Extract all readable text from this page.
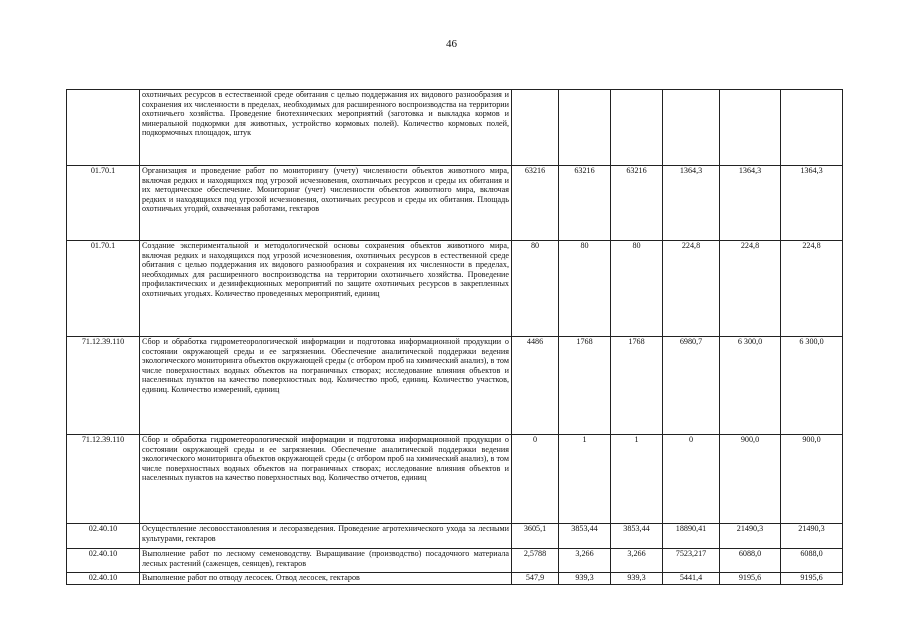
46
	охотничьих ресурсов в естественной среде обитания с целью поддержания их видового разнообразия и сохранения их численности в пределах, необходимых для расширенного воспроизводства на территории охотничьего хозяйства. Проведение биотехнических мероприятий (заготовка и выкладка кормов и минеральной подкормки для животных, устройство кормовых полей). Количество кормовых полей, подкормочных площадок, штук						
01.70.1	Организация и проведение работ по мониторингу (учету) численности объектов животного мира, включая редких и находящихся под угрозой исчезновения, охотничьих ресурсов и среды их обитания и их методическое обеспечение. Мониторинг (учет) численности объектов животного мира, включая редких и находящихся под угрозой исчезновения, охотничьих ресурсов и среды их обитания. Площадь охотничьих угодий, охваченная работами, гектаров	63216	63216	63216	1364,3	1364,3	1364,3
01.70.1	Создание экспериментальной и методологической основы сохранения объектов животного мира, включая редких и находящихся под угрозой исчезновения, охотничьих ресурсов в естественной среде обитания с целью поддержания их видового разнообразия и сохранения их численности в пределах, необходимых для расширенного воспроизводства на территории охотничьего хозяйства. Проведение профилактических и дезинфекционных мероприятий по защите охотничьих ресурсов в закрепленных охотничьих угодьях. Количество проведенных мероприятий, единиц	80	80	80	224,8	224,8	224,8
71.12.39.110	Сбор и обработка гидрометеорологической информации и подготовка информационной продукции о состоянии окружающей среды и ее загрязнении. Обеспечение аналитической поддержки ведения экологического мониторинга объектов окружающей среды (с отбором проб на химический анализ), в том числе поверхностных водных объектов на пограничных створах; исследование влияния объектов и населенных пунктов на качество поверхностных вод. Количество проб, единиц. Количество участков, единиц. Количество измерений, единиц	4486	1768	1768	6980,7	6 300,0	6 300,0
71.12.39.110	Сбор и обработка гидрометеорологической информации и подготовка информационной продукции о состоянии окружающей среды и ее загрязнении. Обеспечение аналитической поддержки ведения экологического мониторинга объектов окружающей среды (с отбором проб на химический анализ), в том числе поверхностных водных объектов на пограничных створах; исследование влияния объектов и населенных пунктов на качество поверхностных вод. Количество отчетов, единиц	0	1	1	0	900,0	900,0
02.40.10	Осуществление лесовосстановления и лесоразведения. Проведение агротехнического ухода за лесными культурами, гектаров	3605,1	3853,44	3853,44	18890,41	21490,3	21490,3
02.40.10	Выполнение работ по лесному семеноводству. Выращивание (производство) посадочного материала лесных растений (саженцев, сеянцев), гектаров	2,5788	3,266	3,266	7523,217	6088,0	6088,0
02.40.10	Выполнение работ по отводу лесосек. Отвод лесосек, гектаров	547,9	939,3	939,3	5441,4	9195,6	9195,6
